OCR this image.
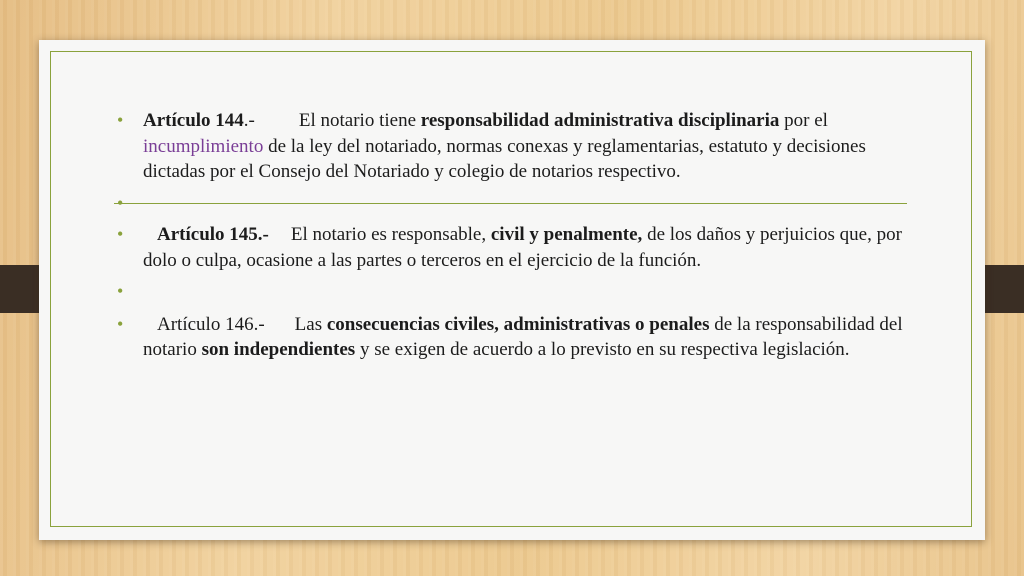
• Artículo 144.- El notario tiene responsabilidad administrativa disciplinaria por el incumplimiento de la ley del notariado, normas conexas y reglamentarias, estatuto y decisiones dictadas por el Consejo del Notariado y colegio de notarios respectivo.

•

• Artículo 145.- El notario es responsable, civil y penalmente, de los daños y perjuicios que, por dolo o culpa, ocasione a las partes o terceros en el ejercicio de la función.

•

• Artículo 146.- Las consecuencias civiles, administrativas o penales de la responsabilidad del notario son independientes y se exigen de acuerdo a lo previsto en su respectiva legislación.
